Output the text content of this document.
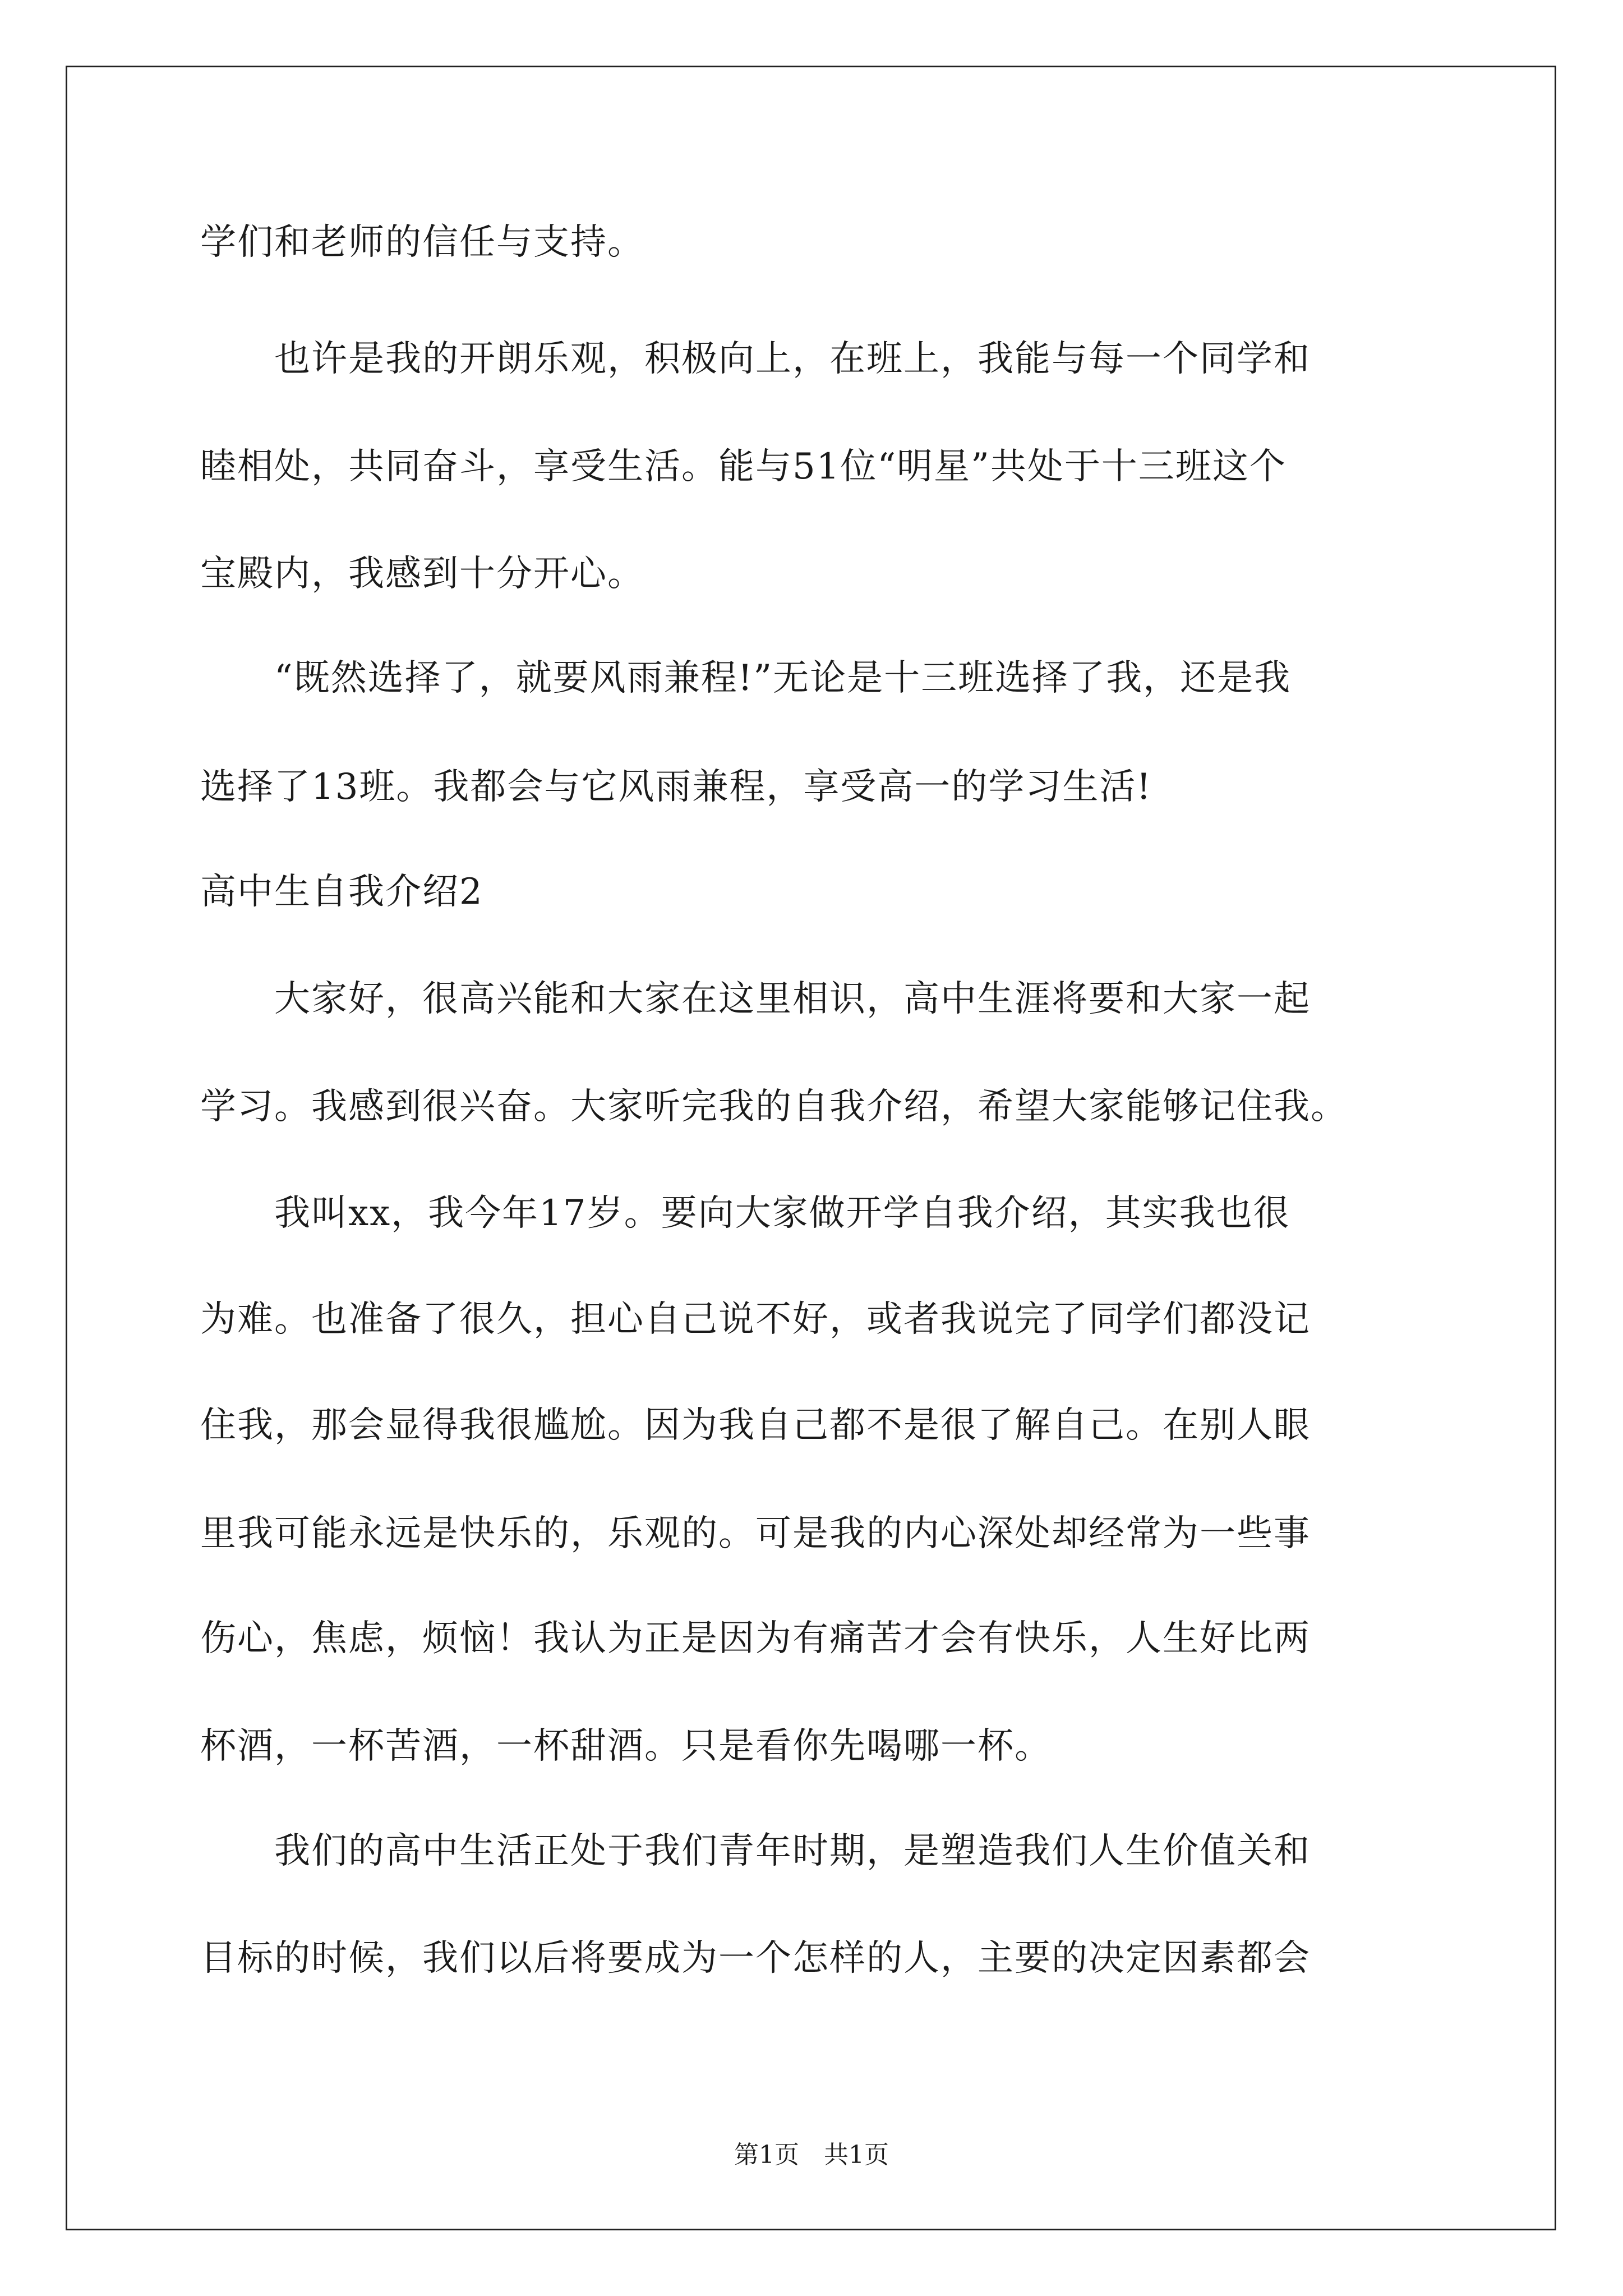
学们和老师的信任与支持。
　　也许是我的开朗乐观，积极向上，在班上，我能与每一个同学和
睦相处，共同奋斗，享受生活。能与51位“明星”共处于十三班这个
宝殿内，我感到十分开心。
　　“既然选择了，就要风雨兼程!”无论是十三班选择了我，还是我
选择了13班。我都会与它风雨兼程，享受高一的学习生活!
高中生自我介绍2
　　大家好，很高兴能和大家在这里相识，高中生涯将要和大家一起
学习。我感到很兴奋。大家听完我的自我介绍，希望大家能够记住我。
　　我叫xx，我今年17岁。要向大家做开学自我介绍，其实我也很
为难。也准备了很久，担心自己说不好，或者我说完了同学们都没记
住我，那会显得我很尴尬。因为我自己都不是很了解自己。在别人眼
里我可能永远是快乐的，乐观的。可是我的内心深处却经常为一些事
伤心，焦虑，烦恼！我认为正是因为有痛苦才会有快乐，人生好比两
杯酒，一杯苦酒，一杯甜酒。只是看你先喝哪一杯。
　　我们的高中生活正处于我们青年时期，是塑造我们人生价值关和
目标的时候，我们以后将要成为一个怎样的人，主要的决定因素都会
第1页　共1页
